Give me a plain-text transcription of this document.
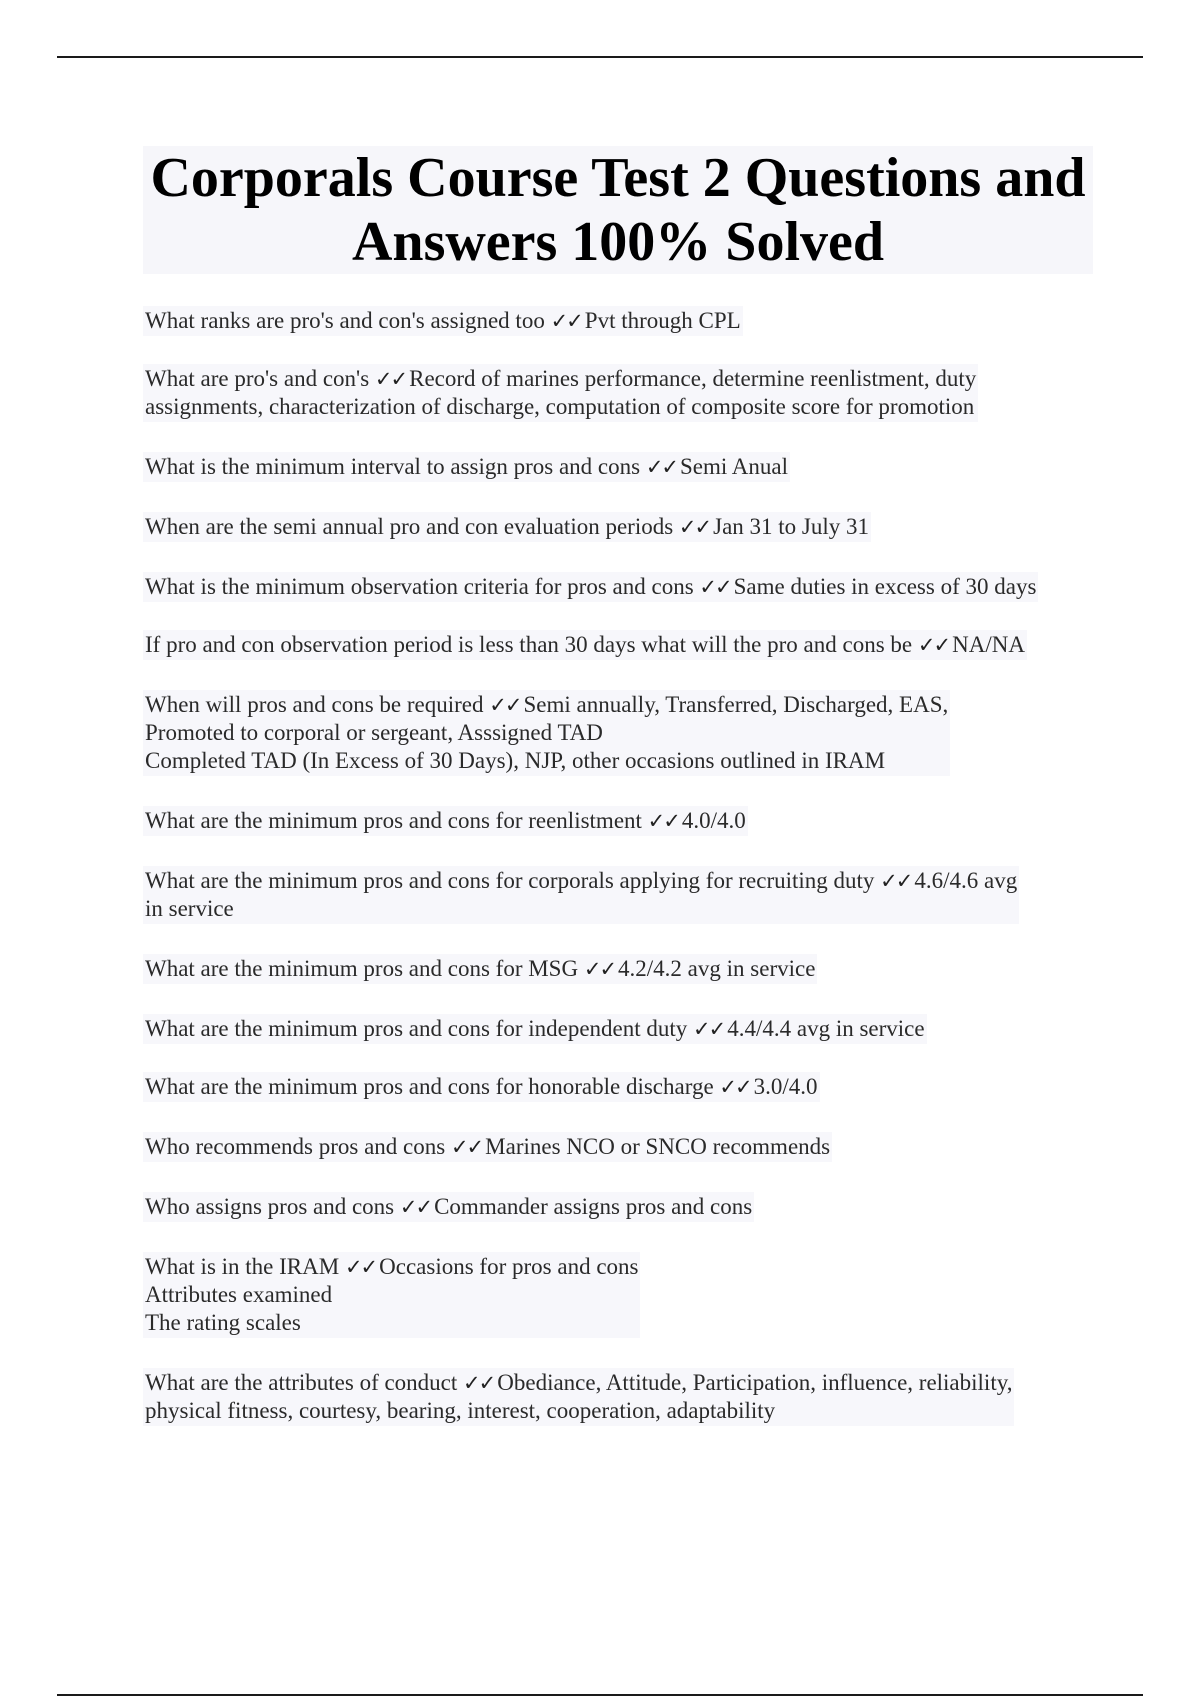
Corporals Course Test 2 Questions and
Answers 100% Solved
What ranks are pro's and con's assigned too ✓✓ Pvt through CPL
What are pro's and con's ✓✓ Record of marines performance, determine reenlistment, duty
assignments, characterization of discharge, computation of composite score for promotion
What is the minimum interval to assign pros and cons ✓✓ Semi Anual
When are the semi annual pro and con evaluation periods ✓✓ Jan 31 to July 31
What is the minimum observation criteria for pros and cons ✓✓ Same duties in excess of 30 days
If pro and con observation period is less than 30 days what will the pro and cons be ✓✓ NA/NA
When will pros and cons be required ✓✓ Semi annually, Transferred, Discharged, EAS,
Promoted to corporal or sergeant, Asssigned TAD
Completed TAD (In Excess of 30 Days), NJP, other occasions outlined in IRAM
What are the minimum pros and cons for reenlistment ✓✓ 4.0/4.0
What are the minimum pros and cons for corporals applying for recruiting duty ✓✓ 4.6/4.6 avg
in service
What are the minimum pros and cons for MSG ✓✓ 4.2/4.2 avg in service
What are the minimum pros and cons for independent duty ✓✓ 4.4/4.4 avg in service
What are the minimum pros and cons for honorable discharge ✓✓ 3.0/4.0
Who recommends pros and cons ✓✓ Marines NCO or SNCO recommends
Who assigns pros and cons ✓✓ Commander assigns pros and cons
What is in the IRAM ✓✓ Occasions for pros and cons
Attributes examined
The rating scales
What are the attributes of conduct ✓✓ Obediance, Attitude, Participation, influence, reliability,
physical fitness, courtesy, bearing, interest, cooperation, adaptability
